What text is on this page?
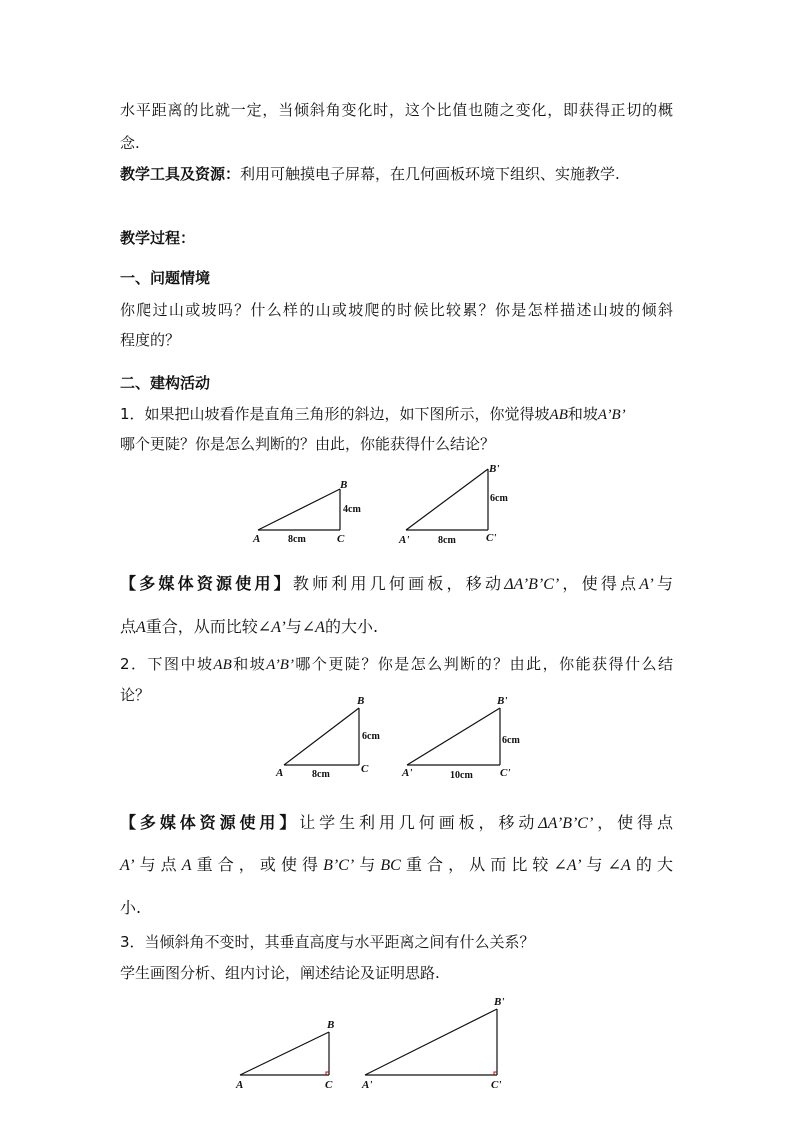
水平距离的比就一定，当倾斜角变化时，这个比值也随之变化，即获得正切的概
念.
教学工具及资源：利用可触摸电子屏幕，在几何画板环境下组织、实施教学.
教学过程：
一、问题情境
你爬过山或坡吗？什么样的山或坡爬的时候比较累？你是怎样描述山坡的倾斜
程度的？
二、建构活动
1．如果把山坡看作是直角三角形的斜边，如下图所示，你觉得坡AB和坡A’B’
哪个更陡？你是怎么判断的？由此，你能获得什么结论？
B
A	C
8cm
4cm
B'
A'	C'
8cm
6cm
【多媒体资源使用】教师利用几何画板，移动ΔA’B’C’，使得点A’与
点A重合，从而比较∠A’与∠A的大小.
2．下图中坡AB和坡A’B’哪个更陡？你是怎么判断的？由此，你能获得什么结
论？	B
A	C
8cm
6cm
B'
A'	C'
10cm
6cm
【多媒体资源使用】让学生利用几何画板，移动ΔA’B’C’，使得点
A’与点A重合，或使得B’C’与BC重合，从而比较∠A’与∠A的大
小.
3．当倾斜角不变时，其垂直高度与水平距离之间有什么关系？
学生画图分析、组内讨论，阐述结论及证明思路.
B
A	C
B'
A'	C'
